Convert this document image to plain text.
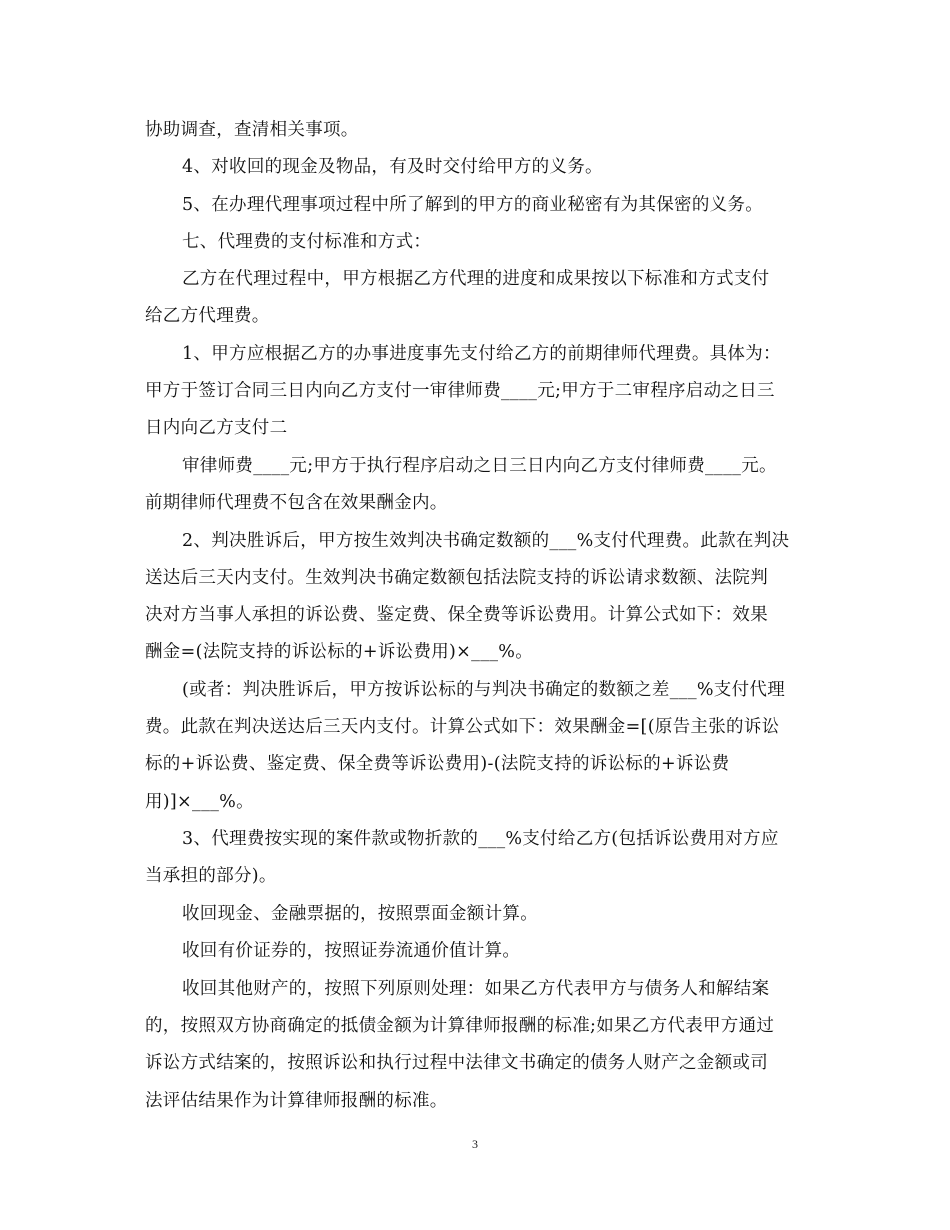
协助调查，查清相关事项。
4、对收回的现金及物品，有及时交付给甲方的义务。
5、在办理代理事项过程中所了解到的甲方的商业秘密有为其保密的义务。
七、代理费的支付标准和方式：
乙方在代理过程中，甲方根据乙方代理的进度和成果按以下标准和方式支付
给乙方代理费。
1、甲方应根据乙方的办事进度事先支付给乙方的前期律师代理费。具体为：
甲方于签订合同三日内向乙方支付一审律师费____元;甲方于二审程序启动之日三
日内向乙方支付二
审律师费____元;甲方于执行程序启动之日三日内向乙方支付律师费____元。
前期律师代理费不包含在效果酬金内。
2、判决胜诉后，甲方按生效判决书确定数额的___%支付代理费。此款在判决
送达后三天内支付。生效判决书确定数额包括法院支持的诉讼请求数额、法院判
决对方当事人承担的诉讼费、鉴定费、保全费等诉讼费用。计算公式如下：效果
酬金=(法院支持的诉讼标的+诉讼费用)×___%。
(或者：判决胜诉后，甲方按诉讼标的与判决书确定的数额之差___%支付代理
费。此款在判决送达后三天内支付。计算公式如下：效果酬金=[(原告主张的诉讼
标的+诉讼费、鉴定费、保全费等诉讼费用)-(法院支持的诉讼标的+诉讼费
用)]×___%。
3、代理费按实现的案件款或物折款的___%支付给乙方(包括诉讼费用对方应
当承担的部分)。
收回现金、金融票据的，按照票面金额计算。
收回有价证券的，按照证券流通价值计算。
收回其他财产的，按照下列原则处理：如果乙方代表甲方与债务人和解结案
的，按照双方协商确定的抵债金额为计算律师报酬的标准;如果乙方代表甲方通过
诉讼方式结案的，按照诉讼和执行过程中法律文书确定的债务人财产之金额或司
法评估结果作为计算律师报酬的标准。
3
